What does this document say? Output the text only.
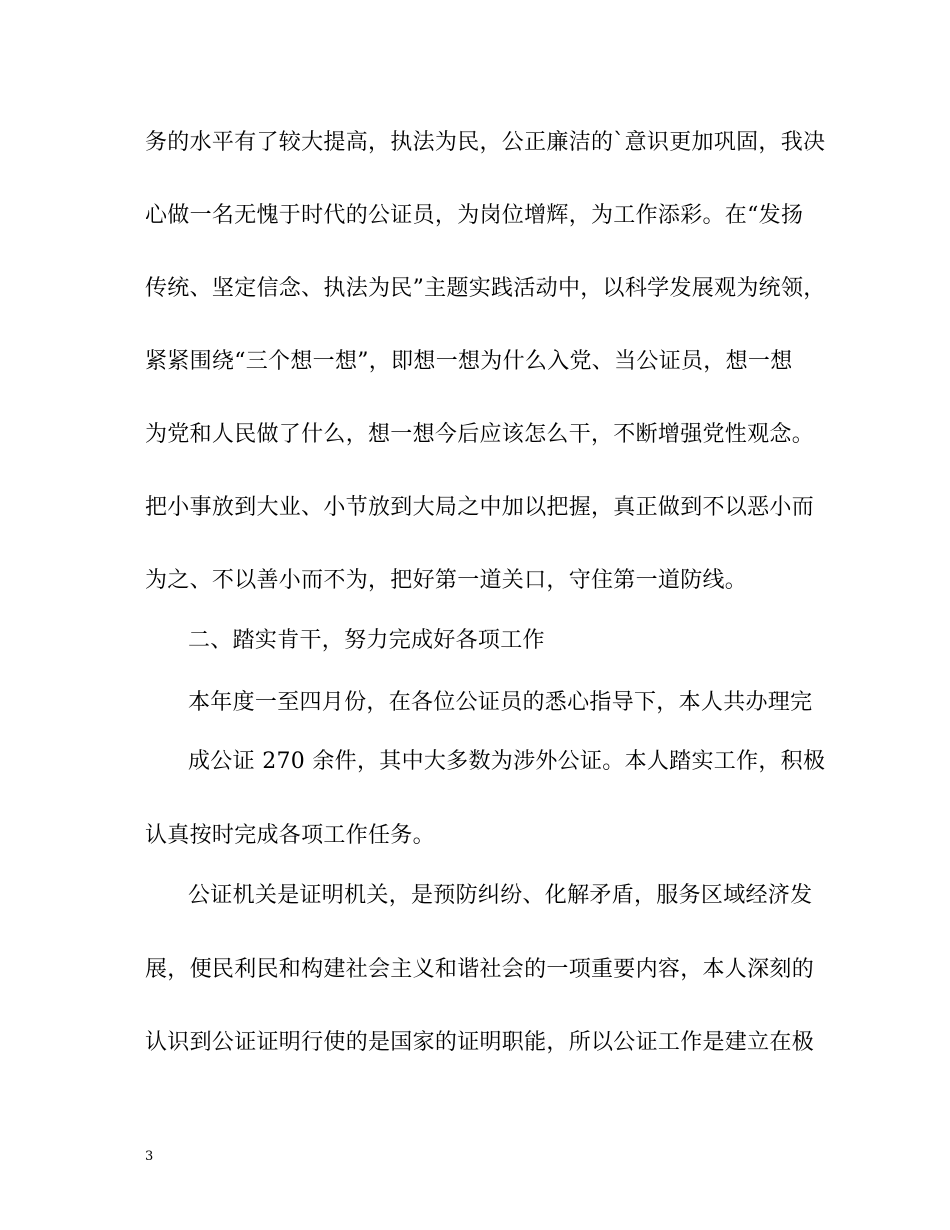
务的水平有了较大提高，执法为民，公正廉洁的`意识更加巩固，我决

心做一名无愧于时代的公证员，为岗位增辉，为工作添彩。在“发扬

传统、坚定信念、执法为民”主题实践活动中，以科学发展观为统领，

紧紧围绕“三个想一想”，即想一想为什么入党、当公证员，想一想

为党和人民做了什么，想一想今后应该怎么干，不断增强党性观念。

把小事放到大业、小节放到大局之中加以把握，真正做到不以恶小而

为之、不以善小而不为，把好第一道关口，守住第一道防线。

二、踏实肯干，努力完成好各项工作

本年度一至四月份，在各位公证员的悉心指导下，本人共办理完

成公证 270 余件，其中大多数为涉外公证。本人踏实工作，积极

认真按时完成各项工作任务。

公证机关是证明机关，是预防纠纷、化解矛盾，服务区域经济发

展，便民利民和构建社会主义和谐社会的一项重要内容，本人深刻的

认识到公证证明行使的是国家的证明职能，所以公证工作是建立在极

3
